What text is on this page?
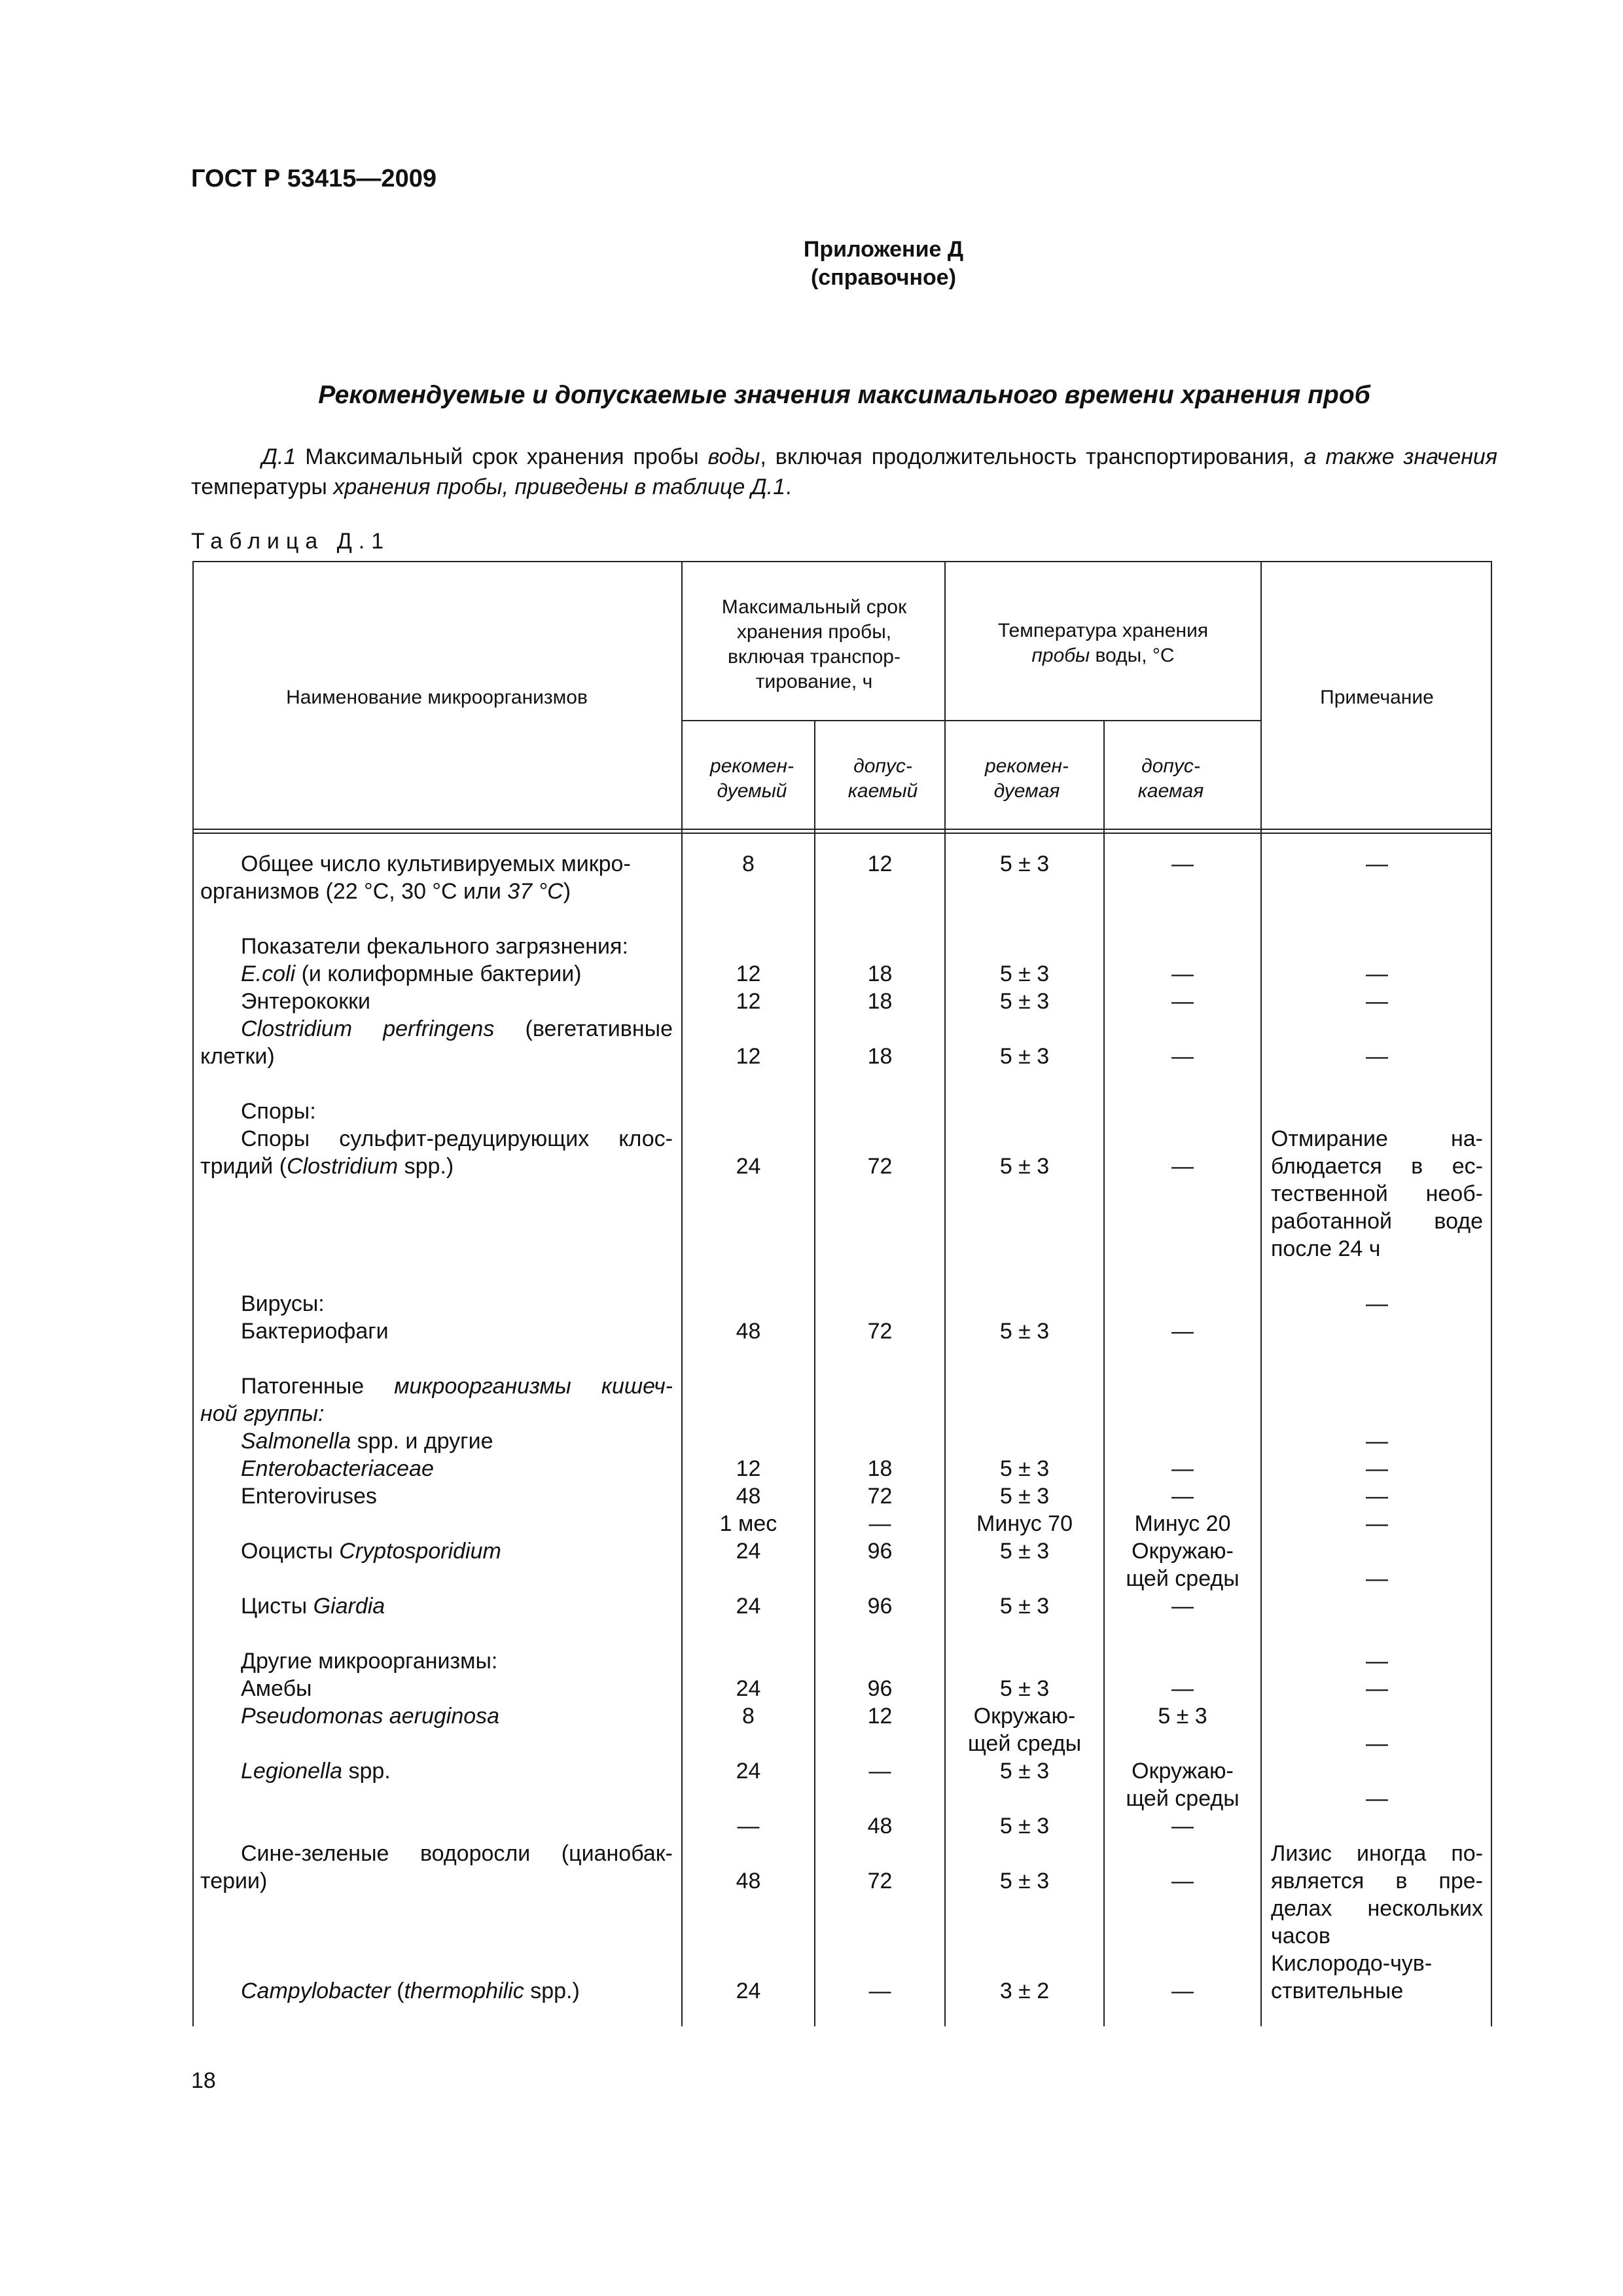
ГОСТ Р 53415—2009
Приложение Д
(справочное)
Рекомендуемые и допускаемые значения максимального времени хранения проб

Д.1 Максимальный срок хранения пробы воды, включая продолжительность транспортирования, а также значения температуры хранения пробы, приведены в таблице Д.1.

Таблица Д.1
Наименование микроорганизмов
Максимальный срок хранения пробы, включая транспор-тирование, ч
Температура хранения
пробы воды, °С
Примечание
рекомен-дуемый
допус-каемый
рекомен-дуемая
допус-каемая
Общее число культивируемых микро-
организмов (22 °С, 30 °С или 37 °С)
Показатели фекального загрязнения:
E.coli (и колиформные бактерии)
Энтерококки
Clostridium perfringens (вегетативные
клетки)
Споры:
Споры сульфит-редуцирующих клос-
тридий (Clostridium spp.)
Вирусы:
Бактериофаги
Патогенные микроорганизмы кишеч-
ной группы:
Salmonella spp. и другие
Enterobacteriaceae
Enteroviruses
Ооцисты Cryptosporidium
Цисты Giardia
Другие микроорганизмы:
Амебы
Pseudomonas aeruginosa
Legionella spp.
Сине-зеленые водоросли (цианобак-
терии)
Campylobacter (thermophilic spp.)
8
12
12
12
24
48
12
48
1 мес
24
24
24
8
24
—
48
24
12
18
18
18
72
72
18
72
—
96
96
96
12
—
48
72
—
5 ± 3
5 ± 3
5 ± 3
5 ± 3
5 ± 3
5 ± 3
5 ± 3
5 ± 3
Минус 70
5 ± 3
5 ± 3
5 ± 3
Окружаю-
щей среды
5 ± 3
5 ± 3
5 ± 3
3 ± 2
—
—
—
—
—
—
—
—
Минус 20
Окружаю-
щей среды
—
—
5 ± 3
Окружаю-
щей среды
—
—
—
—
—
—
—
Отмирание на-
блюдается в ес-
тественной необ-
работанной воде
после 24 ч
—
—
—
—
—
—
—
—
—
—
Лизис иногда по-
является в пре-
делах нескольких
часов
Кислородо-чув-
ствительные
18
